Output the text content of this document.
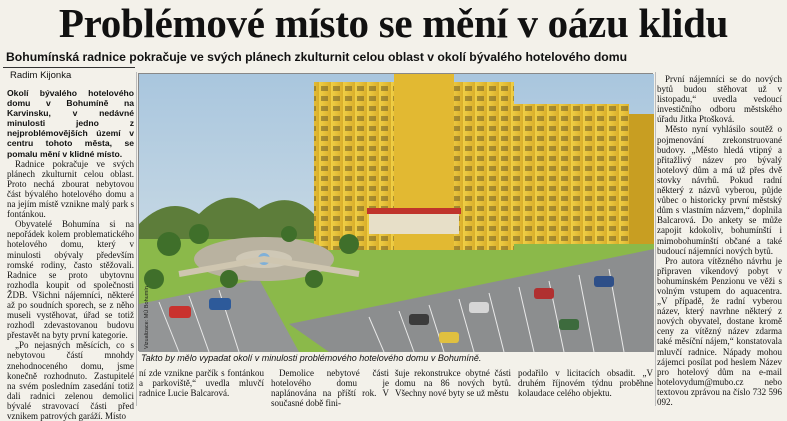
Problémové místo se mění v oázu klidu
Bohumínská radnice pokračuje ve svých plánech zkulturnit celou oblast v okolí bývalého hotelového domu
Radim Kijonka

Okolí bývalého hotelového domu v Bohumíně na Karvinsku, v nedávné minulosti jedno z nejproblémovějších území v centru tohoto města, se pomalu mění v klidné místo.

Radnice pokračuje ve svých plánech zkulturnit celou oblast. Proto nechá zbourat nebytovou část bývalého hotelového domu a na jejím místě vznikne malý park s fontánkou.

Obyvatelé Bohumína si na nepořádek kolem problematického hotelového domu, který v minulosti obývaly především romské rodiny, často stěžovali. Radnice se proto ubytovnu rozhodla koupit od společnosti ŽDB. Všichni nájemníci, některé až po soudních sporech, se z něho museli vystěhovat, úřad se totiž rozhodl zdevastovanou budovu přestavět na byty první kategorie.

„Po nejasných měsících, co s nebytovou částí mnohdy znehodnoceného domu, jsme konečně rozhodnuto. Zastupitelé na svém posledním zasedání totiž dali radnici zelenou demolici bývalé stravovací části před vznikem patrových garáží. Místo

Vizualizace: MÚ Bohumín
Takto by mělo vypadat okolí v minulosti problémového hotelového domu v Bohumíně.

ní zde vznikne parčík s fontánkou a parkoviště,“ uvedla mluvčí radnice Lucie Balcarová.

Demolice nebytové části hotelového domu je naplánována na příští rok. V současné době fini-

šuje rekonstrukce obytné části domu na 86 nových bytů. Všechny nové byty se už městu

podařilo v licitacích obsadit. „V druhém říjnovém týdnu proběhne kolaudace celého objektu.

První nájemníci se do nových bytů budou stěhovat už v listopadu,“ uvedla vedoucí investičního odboru městského úřadu Jitka Ptošková.

Město nyní vyhlásilo soutěž o pojmenování zrekonstruované budovy. „Město hledá vtipný a přitažlivý název pro bývalý hotelový dům a má už přes dvě stovky návrhů. Pokud radní některý z názvů vyberou, půjde vůbec o historicky první městský dům s vlastním názvem,“ doplnila Balcarová. Do ankety se může zapojit kdokoliv, bohumínští i mimobohumínští občané a také budoucí nájemníci nových bytů.

Pro autora vítězného návrhu je připraven víkendový pobyt v bohumínském Penzionu ve věži s volným vstupem do aquacentra. „V případě, že radní vyberou název, který navrhne některý z nových obyvatel, dostane kromě ceny za vítězný název zdarma také měsíční nájem,“ konstatovala mluvčí radnice. Nápady mohou zájemci posílat pod heslem Název pro hotelový dům na e-mail hotelovydum@mubo.cz nebo textovou zprávou na číslo 732 596 092.
